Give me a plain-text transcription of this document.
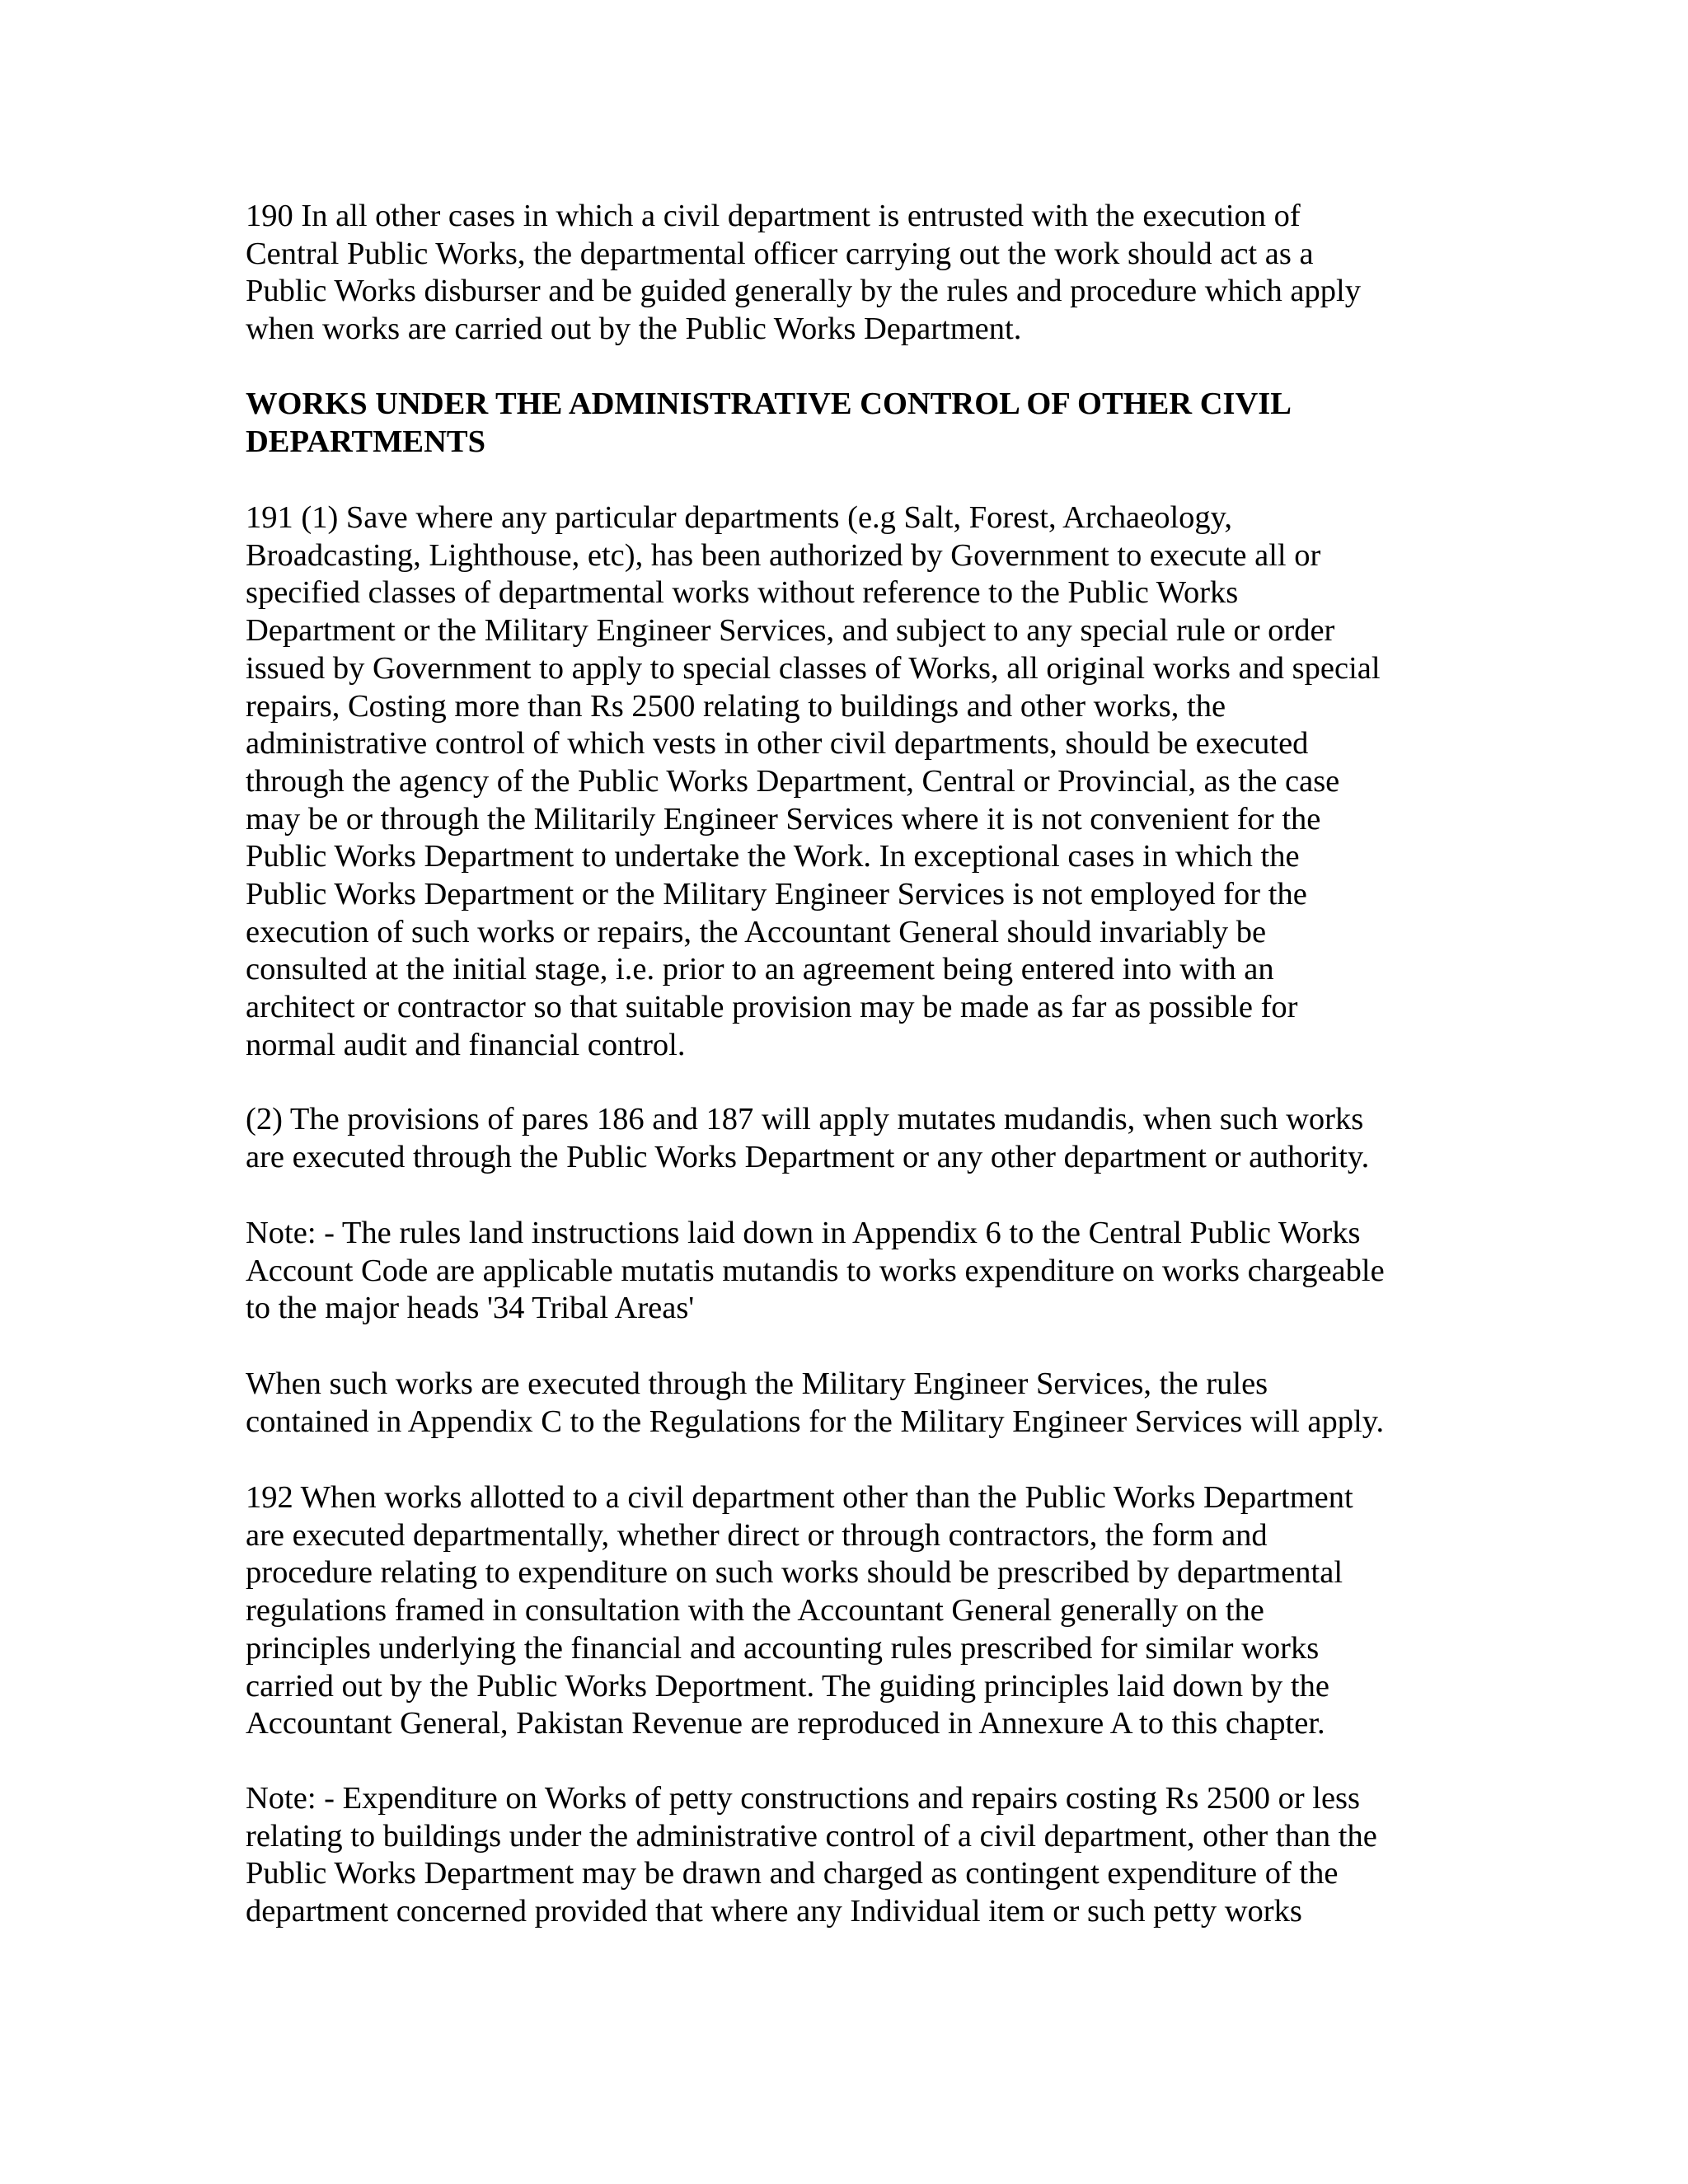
190 In all other cases in which a civil department is entrusted with the execution of
Central Public Works, the departmental officer carrying out the work should act as a
Public Works disburser and be guided generally by the rules and procedure which apply
when works are carried out by the Public Works Department.

WORKS UNDER THE ADMINISTRATIVE CONTROL OF OTHER CIVIL
DEPARTMENTS

191 (1) Save where any particular departments (e.g Salt, Forest, Archaeology,
Broadcasting, Lighthouse, etc), has been authorized by Government to execute all or
specified classes of departmental works without reference to the Public Works
Department or the Military Engineer Services, and subject to any special rule or order
issued by Government to apply to special classes of Works, all original works and special
repairs, Costing more than Rs 2500 relating to buildings and other works, the
administrative control of which vests in other civil departments, should be executed
through the agency of the Public Works Department, Central or Provincial, as the case
may be or through the Militarily Engineer Services where it is not convenient for the
Public Works Department to undertake the Work. In exceptional cases in which the
Public Works Department or the Military Engineer Services is not employed for the
execution of such works or repairs, the Accountant General should invariably be
consulted at the initial stage, i.e. prior to an agreement being entered into with an
architect or contractor so that suitable provision may be made as far as possible for
normal audit and financial control.

(2) The provisions of pares 186 and 187 will apply mutates mudandis, when such works
are executed through the Public Works Department or any other department or authority.

Note: - The rules land instructions laid down in Appendix 6 to the Central Public Works
Account Code are applicable mutatis mutandis to works expenditure on works chargeable
to the major heads '34 Tribal Areas'

When such works are executed through the Military Engineer Services, the rules
contained in Appendix C to the Regulations for the Military Engineer Services will apply.

192 When works allotted to a civil department other than the Public Works Department
are executed departmentally, whether direct or through contractors, the form and
procedure relating to expenditure on such works should be prescribed by departmental
regulations framed in consultation with the Accountant General generally on the
principles underlying the financial and accounting rules prescribed for similar works
carried out by the Public Works Deportment. The guiding principles laid down by the
Accountant General, Pakistan Revenue are reproduced in Annexure A to this chapter.

Note: - Expenditure on Works of petty constructions and repairs costing Rs 2500 or less
relating to buildings under the administrative control of a civil department, other than the
Public Works Department may be drawn and charged as contingent expenditure of the
department concerned provided that where any Individual item or such petty works
